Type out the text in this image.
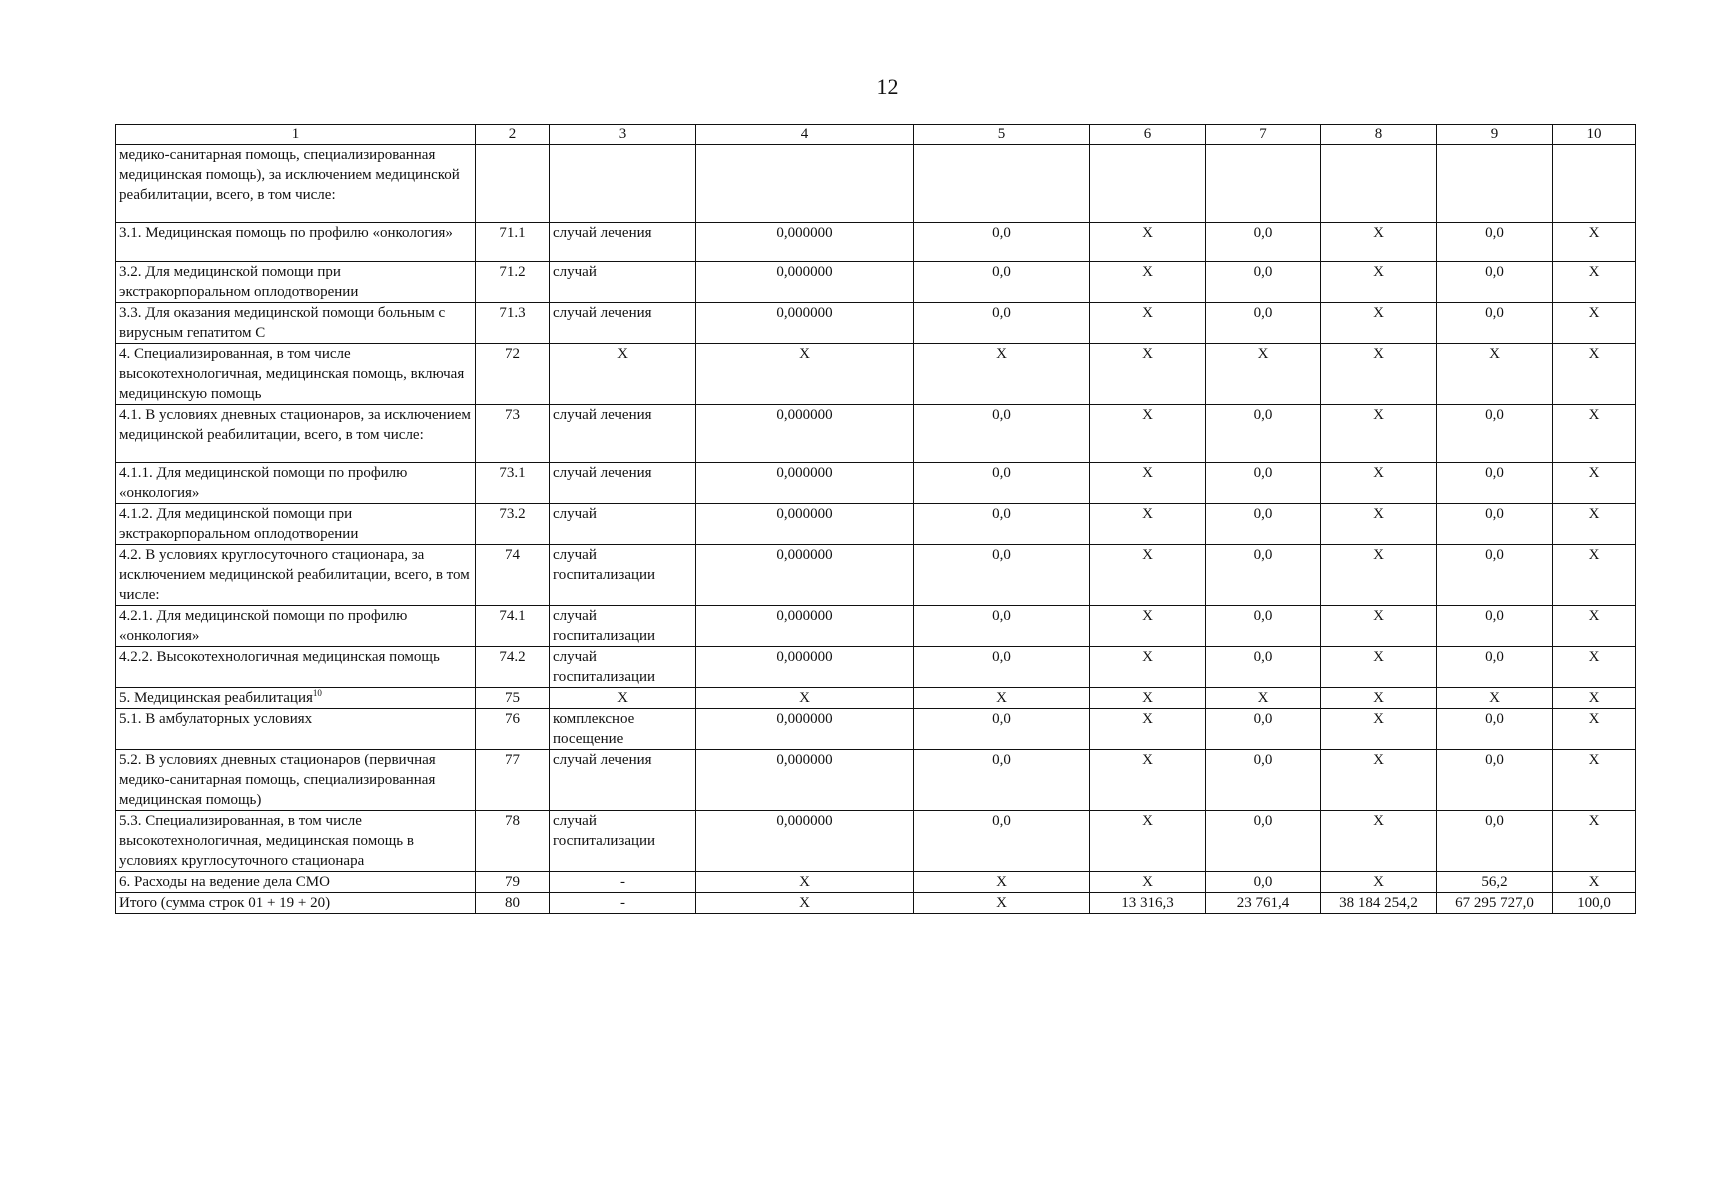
12
1	2	3	4	5	6	7	8	9	10
медико-санитарная помощь, специализированная медицинская помощь), за исключением медицинской реабилитации, всего, в том числе:									
3.1. Медицинская помощь по профилю «онкология»	71.1	случай лечения	0,000000	0,0	X	0,0	X	0,0	X
3.2. Для медицинской помощи при экстракорпоральном оплодотворении	71.2	случай	0,000000	0,0	X	0,0	X	0,0	X
3.3. Для оказания медицинской помощи больным с вирусным гепатитом С	71.3	случай лечения	0,000000	0,0	X	0,0	X	0,0	X
4. Специализированная, в том числе высокотехнологичная, медицинская помощь, включая медицинскую помощь	72	X	X	X	X	X	X	X	X
4.1. В условиях дневных стационаров, за исключением медицинской реабилитации, всего, в том числе:	73	случай лечения	0,000000	0,0	X	0,0	X	0,0	X
4.1.1. Для медицинской помощи по профилю «онкология»	73.1	случай лечения	0,000000	0,0	X	0,0	X	0,0	X
4.1.2. Для медицинской помощи при экстракорпоральном оплодотворении	73.2	случай	0,000000	0,0	X	0,0	X	0,0	X
4.2. В условиях круглосуточного стационара, за исключением медицинской реабилитации, всего, в том числе:	74	случай госпитализации	0,000000	0,0	X	0,0	X	0,0	X
4.2.1. Для медицинской помощи по профилю «онкология»	74.1	случай госпитализации	0,000000	0,0	X	0,0	X	0,0	X
4.2.2. Высокотехнологичная медицинская помощь	74.2	случай госпитализации	0,000000	0,0	X	0,0	X	0,0	X
5. Медицинская реабилитация$^{10}$	75	X	X	X	X	X	X	X	X
5.1. В амбулаторных условиях	76	комплексное посещение	0,000000	0,0	X	0,0	X	0,0	X
5.2. В условиях дневных стационаров (первичная медико-санитарная помощь, специализированная медицинская помощь)	77	случай лечения	0,000000	0,0	X	0,0	X	0,0	X
5.3. Специализированная, в том числе высокотехнологичная, медицинская помощь в условиях круглосуточного стационара	78	случай госпитализации	0,000000	0,0	X	0,0	X	0,0	X
6. Расходы на ведение дела СМО	79	-	X	X	X	0,0	X	56,2	X
Итого (сумма строк 01 + 19 + 20)	80	-	X	X	13 316,3	23 761,4	38 184 254,2	67 295 727,0	100,0
